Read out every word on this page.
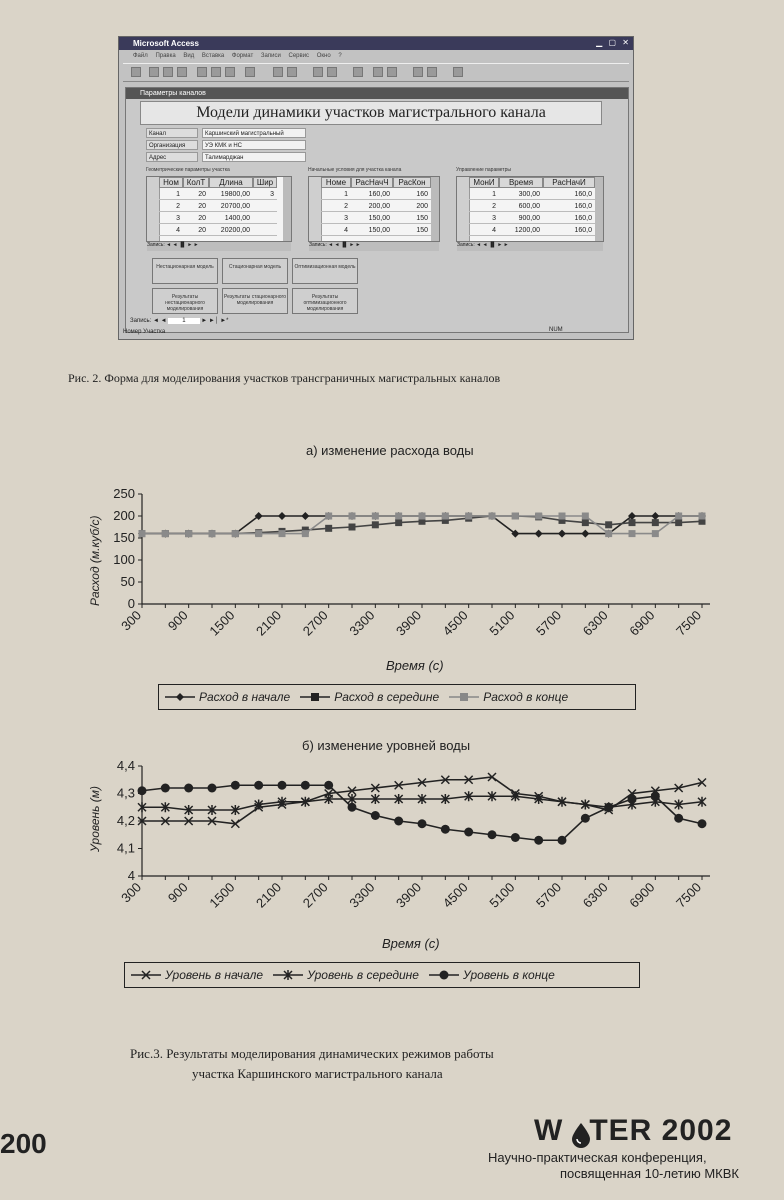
Microsoft Access	▁ ▢ ✕
Файл Правка Вид Вставка Формат Записи Сервис Окно ?
Параметры каналов
Модели динамики участков магистрального канала
Канал	Каршинский магистральный
Организация	УЭ КМК и НС
Адрес	Талимарджан
Геометрические параметры участка
Ном КолТ	Длина	Шир
1	20	19800,00	3
2	20	20700,00
3	20	1400,00
4	20	20200,00
Запись: ◄ ◄ ▐▌ ► ►
Начальные условия для участка канала
Номе	РасНачЧ	РасКон
1	160,00	160
2	200,00	200
3	150,00	150
4	150,00	150
Запись: ◄ ◄ ▐▌ ► ►
Управление параметры
МонИ	Время	РасНачИ
1	300,00	160,0
2	600,00	160,0
3	900,00	160,0
4	1200,00	160,0
Запись: ◄ ◄ ▐▌ ► ►
Нестационарная модель	Стационарная модель	Оптимизационная модель
Результаты нестационарного моделирования
Результаты стационарного моделирования
Результаты оптимизационного моделирования
Запись: ◄ ◄ 1 ► ►│ ►*
Номер Участка	NUM
Рис. 2. Форма для моделирования участков трансграничных магистральных каналов
а) изменение расхода воды
0
50
100
150
200
250
300 900 1500 2100 2700 3300 3900 4500 5100 5700 6300 6900 7500
Расход (м.куб/с)
Время (с)
Расход в начале	Расход в середине	Расход в конце
б) изменение уровней воды
4
4,1
4,2
4,3
4,4
300 900 1500 2100 2700 3300 3900 4500 5100 5700 6300 6900 7500
Уровень (м)
Время (с)
Уровень в начале	Уровень в середине	Уровень в конце
Рис.3. Результаты моделирования динамических режимов работы
участка Каршинского магистрального канала
200	W TER 2002
Научно-практическая конференция,
посвященная 10-летию МКВК
